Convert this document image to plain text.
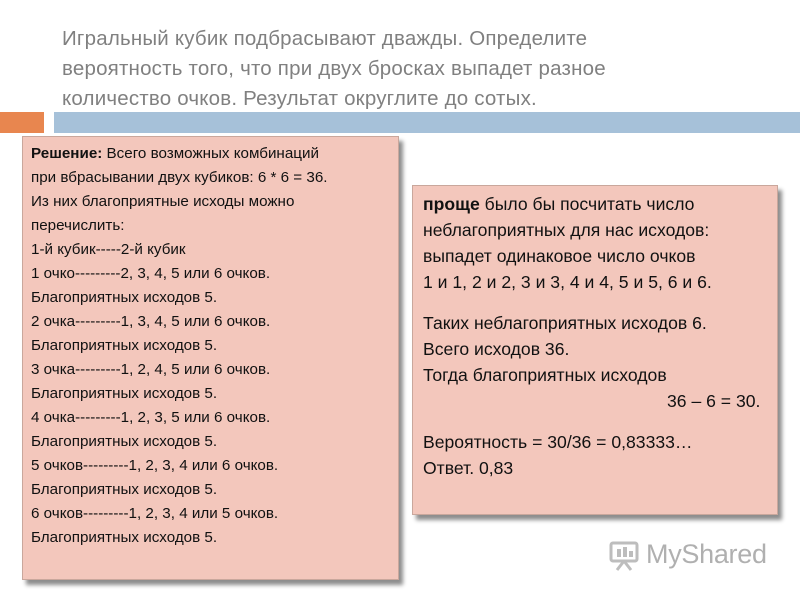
Игральный кубик подбрасывают дважды. Определите
вероятность того, что при двух бросках выпадет разное
количество очков. Результат округлите до сотых.

Решение: Всего возможных комбинаций

при вбрасывании двух кубиков: 6 * 6 = 36.

Из них благоприятные исходы можно

перечислить:

1-й кубик-----2-й кубик

1 очко---------2, 3, 4, 5 или 6 очков.

Благоприятных исходов 5.

2 очка---------1, 3, 4, 5 или 6 очков.

Благоприятных исходов 5.

3 очка---------1, 2, 4, 5 или 6 очков.

Благоприятных исходов 5.

4 очка---------1, 2, 3, 5 или 6 очков.

Благоприятных исходов 5.

5 очков---------1, 2, 3, 4 или 6 очков.

Благоприятных исходов 5.

6 очков---------1, 2, 3, 4 или 5 очков.

Благоприятных исходов 5.

проще было бы посчитать число

неблагоприятных для нас исходов:

выпадет одинаковое число очков

1 и 1, 2 и 2, 3 и 3, 4 и 4, 5 и 5, 6 и 6.

Таких неблагоприятных исходов 6.

Всего исходов 36.

Тогда благоприятных исходов

36 – 6 = 30.

Вероятность = 30/36 = 0,83333…

Ответ. 0,83

MyShared
